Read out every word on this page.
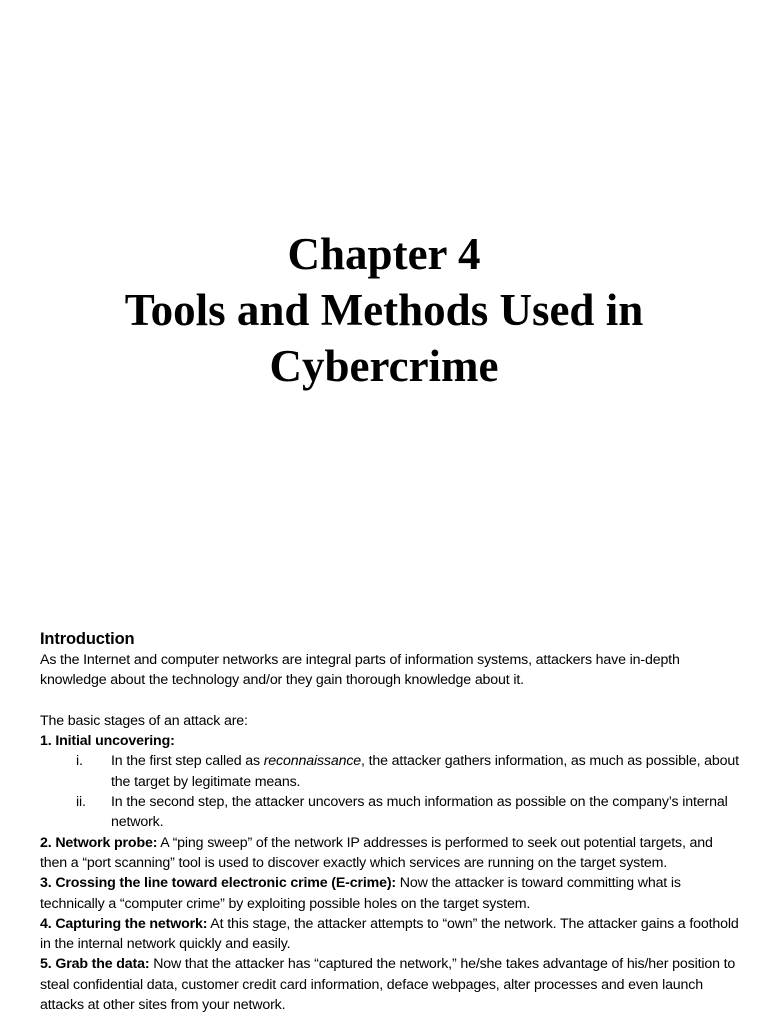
Chapter 4
Tools and Methods Used in
Cybercrime
Introduction

As the Internet and computer networks are integral parts of information systems, attackers have in-depth knowledge about the technology and/or they gain thorough knowledge about it.

The basic stages of an attack are:

1. Initial uncovering:

i. In the first step called as reconnaissance, the attacker gathers information, as much as possible, about the target by legitimate means.
ii. In the second step, the attacker uncovers as much information as possible on the company’s internal network.

2. Network probe: A “ping sweep” of the network IP addresses is performed to seek out potential targets, and then a “port scanning” tool is used to discover exactly which services are running on the target system.

3. Crossing the line toward electronic crime (E-crime): Now the attacker is toward committing what is technically a “computer crime” by exploiting possible holes on the target system.

4. Capturing the network: At this stage, the attacker attempts to “own” the network. The attacker gains a foothold in the internal network quickly and easily.

5. Grab the data: Now that the attacker has “captured the network,” he/she takes advantage of his/her position to steal confidential data, customer credit card information, deface webpages, alter processes and even launch attacks at other sites from your network.
